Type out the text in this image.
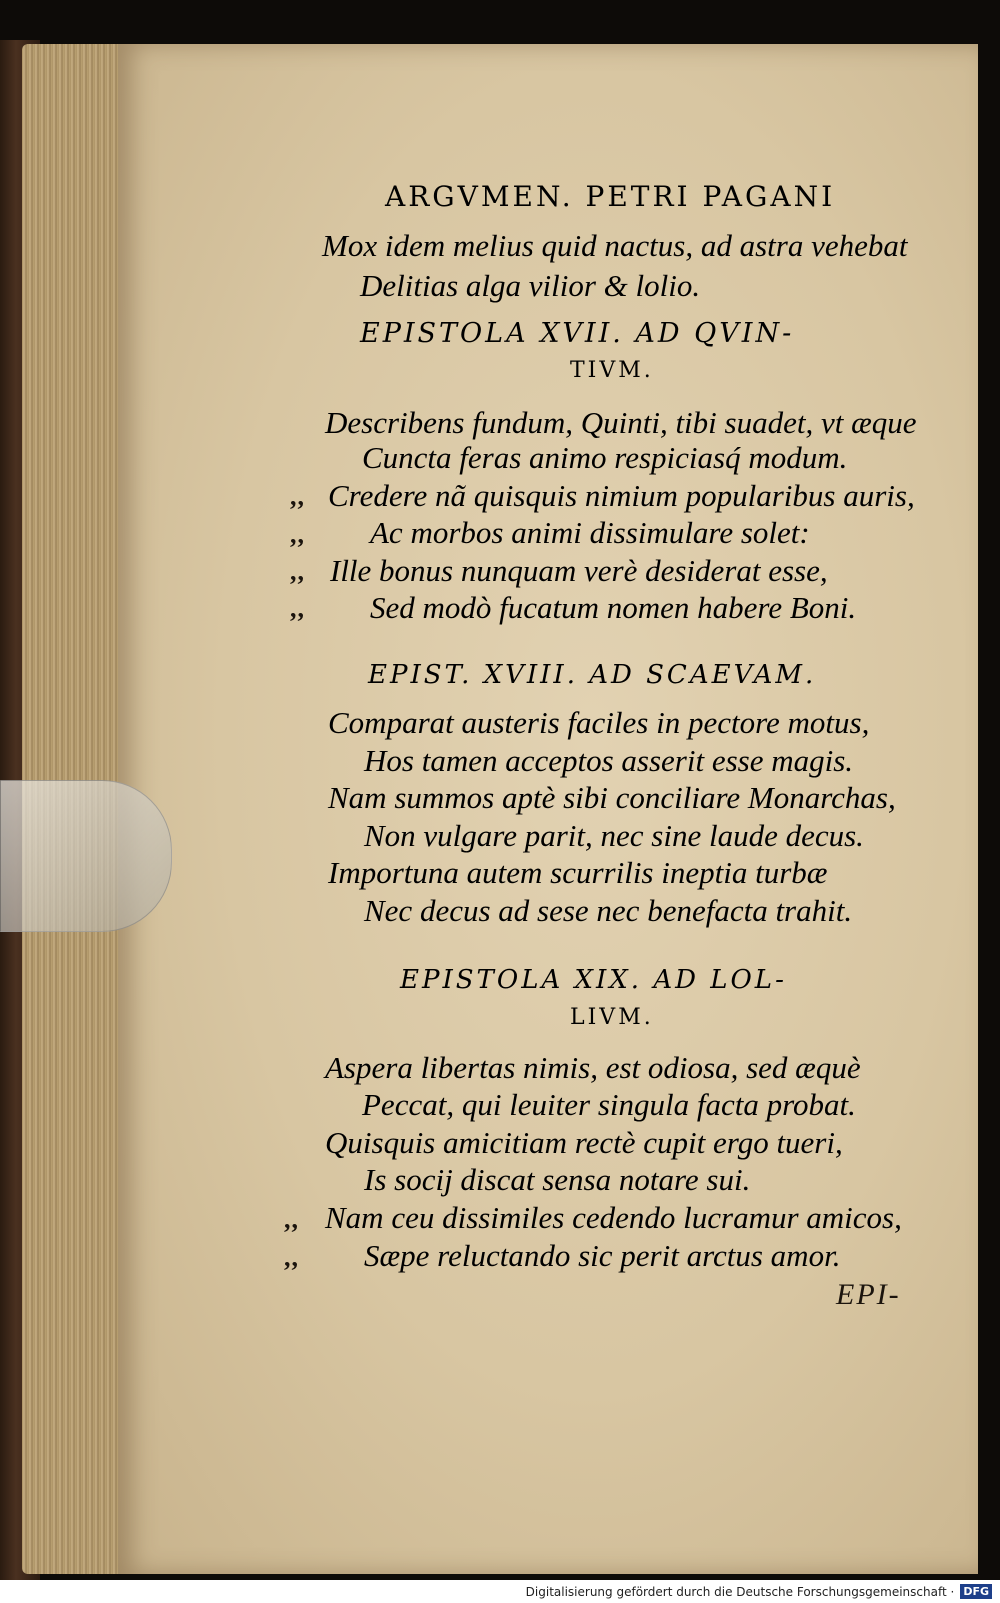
ARGVMEN. PETRI PAGANI
Mox idem melius quid nactus, ad astra vehebat
Delitias alga vilior & lolio.
EPISTOLA XVII. AD QVIN-
TIVM.
Describens fundum, Quinti, tibi suadet, vt æque
Cuncta feras animo respiciasq́ modum.
Credere nã quisquis nimium popularibus auris,
Ac morbos animi dissimulare solet:
Ille bonus nunquam verè desiderat esse,
Sed modò fucatum nomen habere Boni.
,,
,,
,,
,,
EPIST. XVIII. AD SCAEVAM.
Comparat austeris faciles in pectore motus,
Hos tamen acceptos asserit esse magis.
Nam summos aptè sibi conciliare Monarchas,
Non vulgare parit, nec sine laude decus.
Importuna autem scurrilis ineptia turbæ
Nec decus ad sese nec benefacta trahit.
EPISTOLA XIX. AD LOL-
LIVM.
Aspera libertas nimis, est odiosa, sed æquè
Peccat, qui leuiter singula facta probat.
Quisquis amicitiam rectè cupit ergo tueri,
Is socij discat sensa notare sui.
Nam ceu dissimiles cedendo lucramur amicos,
Sæpe reluctando sic perit arctus amor.
,,
,,
EPI-
Digitalisierung gefördert durch die Deutsche Forschungsgemeinschaft · DFG
